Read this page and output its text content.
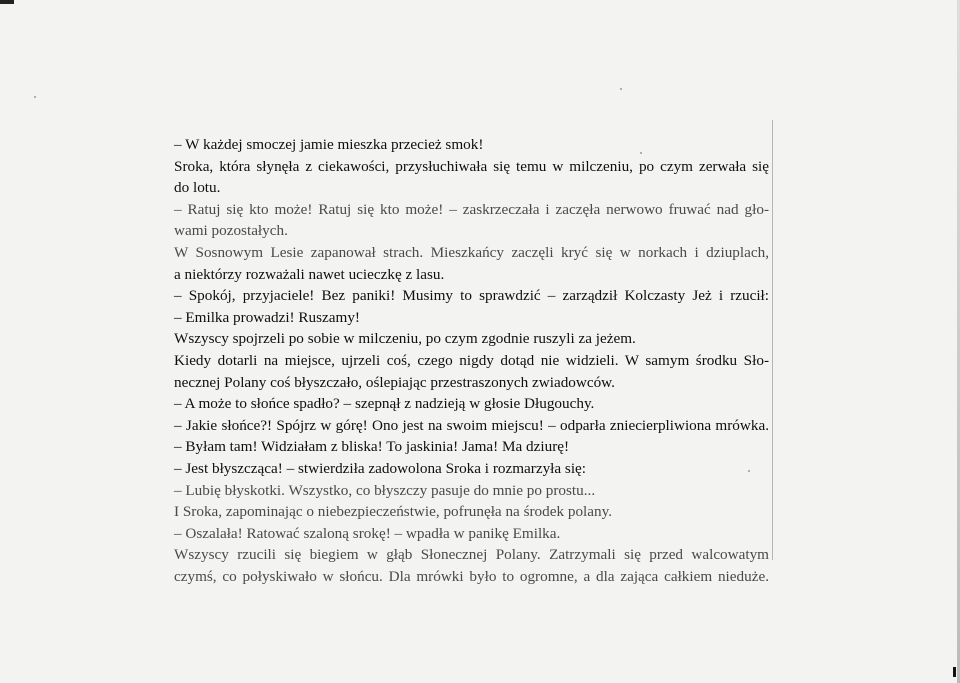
– W każdej smoczej jamie mieszka przecież smok!
Sroka, która słynęła z ciekawości, przysłuchiwała się temu w milczeniu, po czym zerwała się
do lotu.
– Ratuj się kto może! Ratuj się kto może! – zaskrzeczała i zaczęła nerwowo fruwać nad gło-
wami pozostałych.
W Sosnowym Lesie zapanował strach. Mieszkańcy zaczęli kryć się w norkach i dziuplach,
a niektórzy rozważali nawet ucieczkę z lasu.
– Spokój, przyjaciele! Bez paniki! Musimy to sprawdzić – zarządził Kolczasty Jeż i rzucił:
– Emilka prowadzi! Ruszamy!
Wszyscy spojrzeli po sobie w milczeniu, po czym zgodnie ruszyli za jeżem.
Kiedy dotarli na miejsce, ujrzeli coś, czego nigdy dotąd nie widzieli. W samym środku Sło-
necznej Polany coś błyszczało, oślepiając przestraszonych zwiadowców.
– A może to słońce spadło? – szepnął z nadzieją w głosie Długouchy.
– Jakie słońce?! Spójrz w górę! Ono jest na swoim miejscu! – odparła zniecierpliwiona mrówka.
– Byłam tam! Widziałam z bliska! To jaskinia! Jama! Ma dziurę!
– Jest błyszcząca! – stwierdziła zadowolona Sroka i rozmarzyła się:
– Lubię błyskotki. Wszystko, co błyszczy pasuje do mnie po prostu...
I Sroka, zapominając o niebezpieczeństwie, pofrunęła na środek polany.
– Oszalała! Ratować szaloną srokę! – wpadła w panikę Emilka.
Wszyscy rzucili się biegiem w głąb Słonecznej Polany. Zatrzymali się przed walcowatym
czymś, co połyskiwało w słońcu. Dla mrówki było to ogromne, a dla zająca całkiem nieduże.
